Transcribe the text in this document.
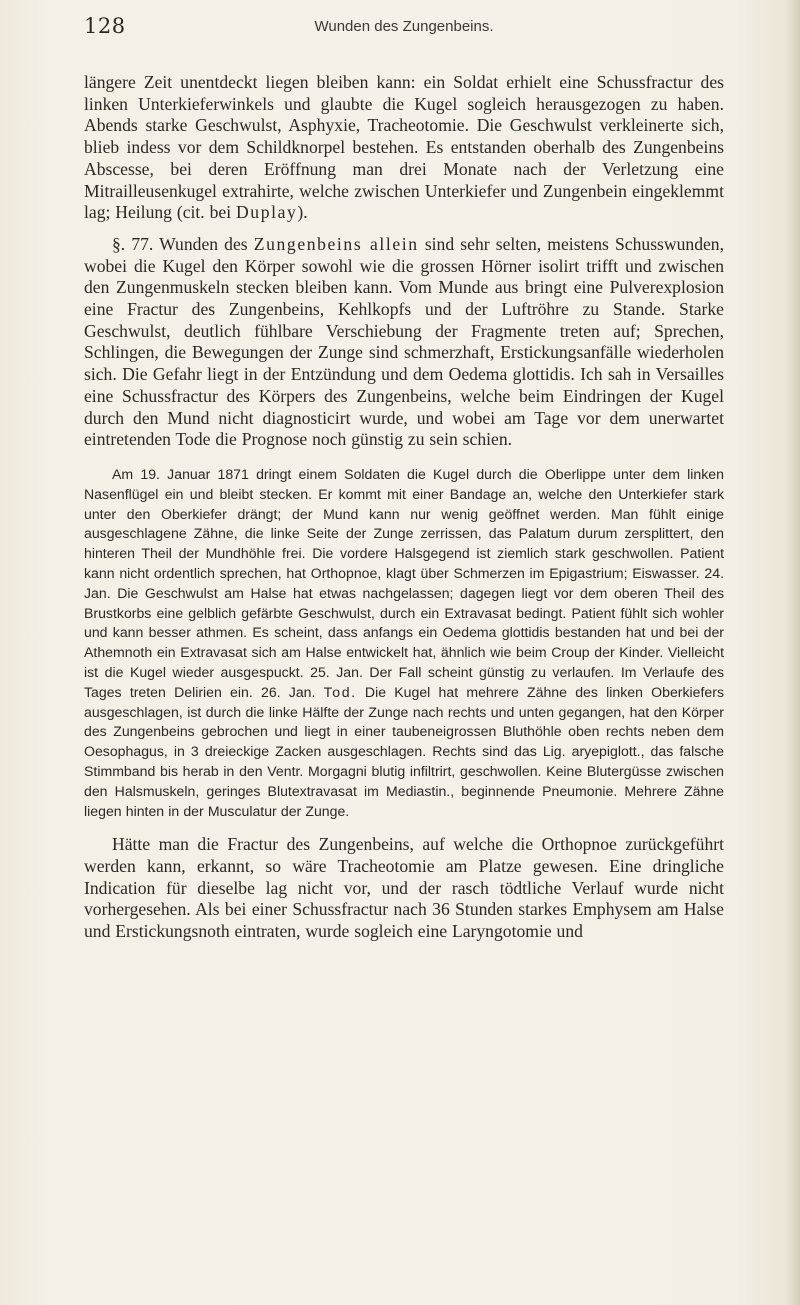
128	Wunden des Zungenbeins.

längere Zeit unentdeckt liegen bleiben kann: ein Soldat erhielt eine Schussfractur des linken Unterkieferwinkels und glaubte die Kugel sogleich herausgezogen zu haben. Abends starke Geschwulst, Asphyxie, Tracheotomie. Die Geschwulst verkleinerte sich, blieb indess vor dem Schildknorpel bestehen. Es entstanden oberhalb des Zungenbeins Abscesse, bei deren Eröffnung man drei Monate nach der Verletzung eine Mitrailleusenkugel extrahirte, welche zwischen Unterkiefer und Zungenbein eingeklemmt lag; Heilung (cit. bei Duplay).

§. 77. Wunden des Zungenbeins allein sind sehr selten, meistens Schusswunden, wobei die Kugel den Körper sowohl wie die grossen Hörner isolirt trifft und zwischen den Zungenmuskeln stecken bleiben kann. Vom Munde aus bringt eine Pulverexplosion eine Fractur des Zungenbeins, Kehlkopfs und der Luftröhre zu Stande. Starke Geschwulst, deutlich fühlbare Verschiebung der Fragmente treten auf; Sprechen, Schlingen, die Bewegungen der Zunge sind schmerzhaft, Erstickungsanfälle wiederholen sich. Die Gefahr liegt in der Entzündung und dem Oedema glottidis. Ich sah in Versailles eine Schussfractur des Körpers des Zungenbeins, welche beim Eindringen der Kugel durch den Mund nicht diagnosticirt wurde, und wobei am Tage vor dem unerwartet eintretenden Tode die Prognose noch günstig zu sein schien.

Am 19. Januar 1871 dringt einem Soldaten die Kugel durch die Oberlippe unter dem linken Nasenflügel ein und bleibt stecken. Er kommt mit einer Bandage an, welche den Unterkiefer stark unter den Oberkiefer drängt; der Mund kann nur wenig geöffnet werden. Man fühlt einige ausgeschlagene Zähne, die linke Seite der Zunge zerrissen, das Palatum durum zersplittert, den hinteren Theil der Mundhöhle frei. Die vordere Halsgegend ist ziemlich stark geschwollen. Patient kann nicht ordentlich sprechen, hat Orthopnoe, klagt über Schmerzen im Epigastrium; Eiswasser. 24. Jan. Die Geschwulst am Halse hat etwas nachgelassen; dagegen liegt vor dem oberen Theil des Brustkorbs eine gelblich gefärbte Geschwulst, durch ein Extravasat bedingt. Patient fühlt sich wohler und kann besser athmen. Es scheint, dass anfangs ein Oedema glottidis bestanden hat und bei der Athemnoth ein Extravasat sich am Halse entwickelt hat, ähnlich wie beim Croup der Kinder. Vielleicht ist die Kugel wieder ausgespuckt. 25. Jan. Der Fall scheint günstig zu verlaufen. Im Verlaufe des Tages treten Delirien ein. 26. Jan. Tod. Die Kugel hat mehrere Zähne des linken Oberkiefers ausgeschlagen, ist durch die linke Hälfte der Zunge nach rechts und unten gegangen, hat den Körper des Zungenbeins gebrochen und liegt in einer taubeneigrossen Bluthöhle oben rechts neben dem Oesophagus, in 3 dreieckige Zacken ausgeschlagen. Rechts sind das Lig. aryepiglott., das falsche Stimmband bis herab in den Ventr. Morgagni blutig infiltrirt, geschwollen. Keine Blutergüsse zwischen den Halsmuskeln, geringes Blutextravasat im Mediastin., beginnende Pneumonie. Mehrere Zähne liegen hinten in der Musculatur der Zunge.

Hätte man die Fractur des Zungenbeins, auf welche die Orthopnoe zurückgeführt werden kann, erkannt, so wäre Tracheotomie am Platze gewesen. Eine dringliche Indication für dieselbe lag nicht vor, und der rasch tödtliche Verlauf wurde nicht vorhergesehen. Als bei einer Schussfractur nach 36 Stunden starkes Emphysem am Halse und Erstickungsnoth eintraten, wurde sogleich eine Laryngotomie und
